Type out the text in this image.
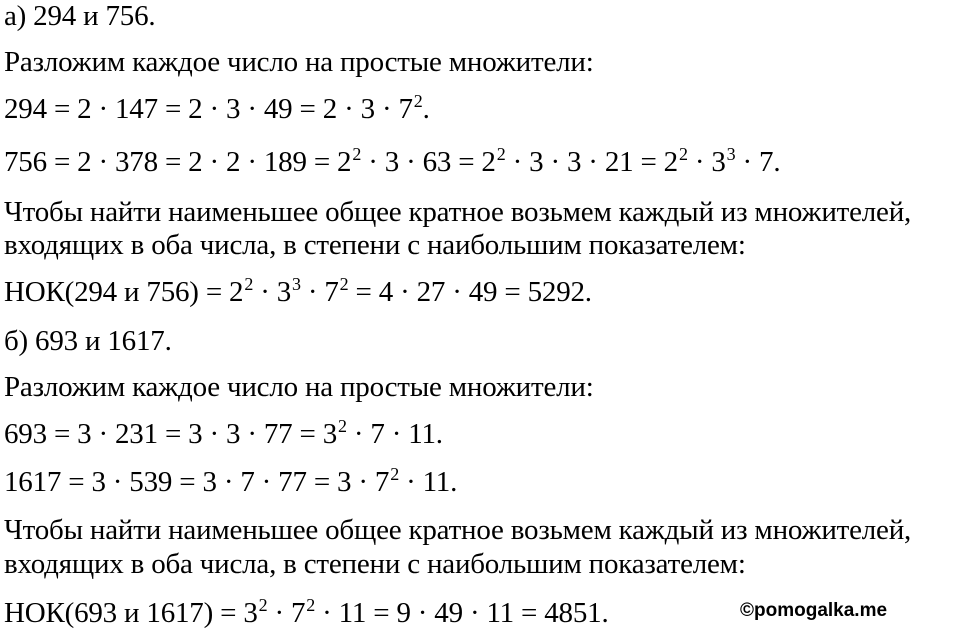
а) 294 и 756.
Разложим каждое число на простые множители:
$294 = 2 \cdot 147 = 2 \cdot 3 \cdot 49 = 2 \cdot 3 \cdot 7^2$.
$756 = 2 \cdot 378 = 2 \cdot 2 \cdot 189 = 2^2 \cdot 3 \cdot 63 = 2^2 \cdot 3 \cdot 3 \cdot 21 = 2^2 \cdot 3^3 \cdot 7$.
Чтобы найти наименьшее общее кратное возьмем каждый из множителей,
входящих в оба числа, в степени с наибольшим показателем:
НОК(294 и $756) = 2^2 \cdot 3^3 \cdot 7^2 = 4 \cdot 27 \cdot 49 = 5292$.
б) 693 и 1617.
Разложим каждое число на простые множители:
$693 = 3 \cdot 231 = 3 \cdot 3 \cdot 77 = 3^2 \cdot 7 \cdot 11$.
$1617 = 3 \cdot 539 = 3 \cdot 7 \cdot 77 = 3 \cdot 7^2 \cdot 11$.
Чтобы найти наименьшее общее кратное возьмем каждый из множителей,
входящих в оба числа, в степени с наибольшим показателем:
НОК(693 и $1617) = 3^2 \cdot 7^2 \cdot 11 = 9 \cdot 49 \cdot 11 = 4851$.	©pomogalka.me
